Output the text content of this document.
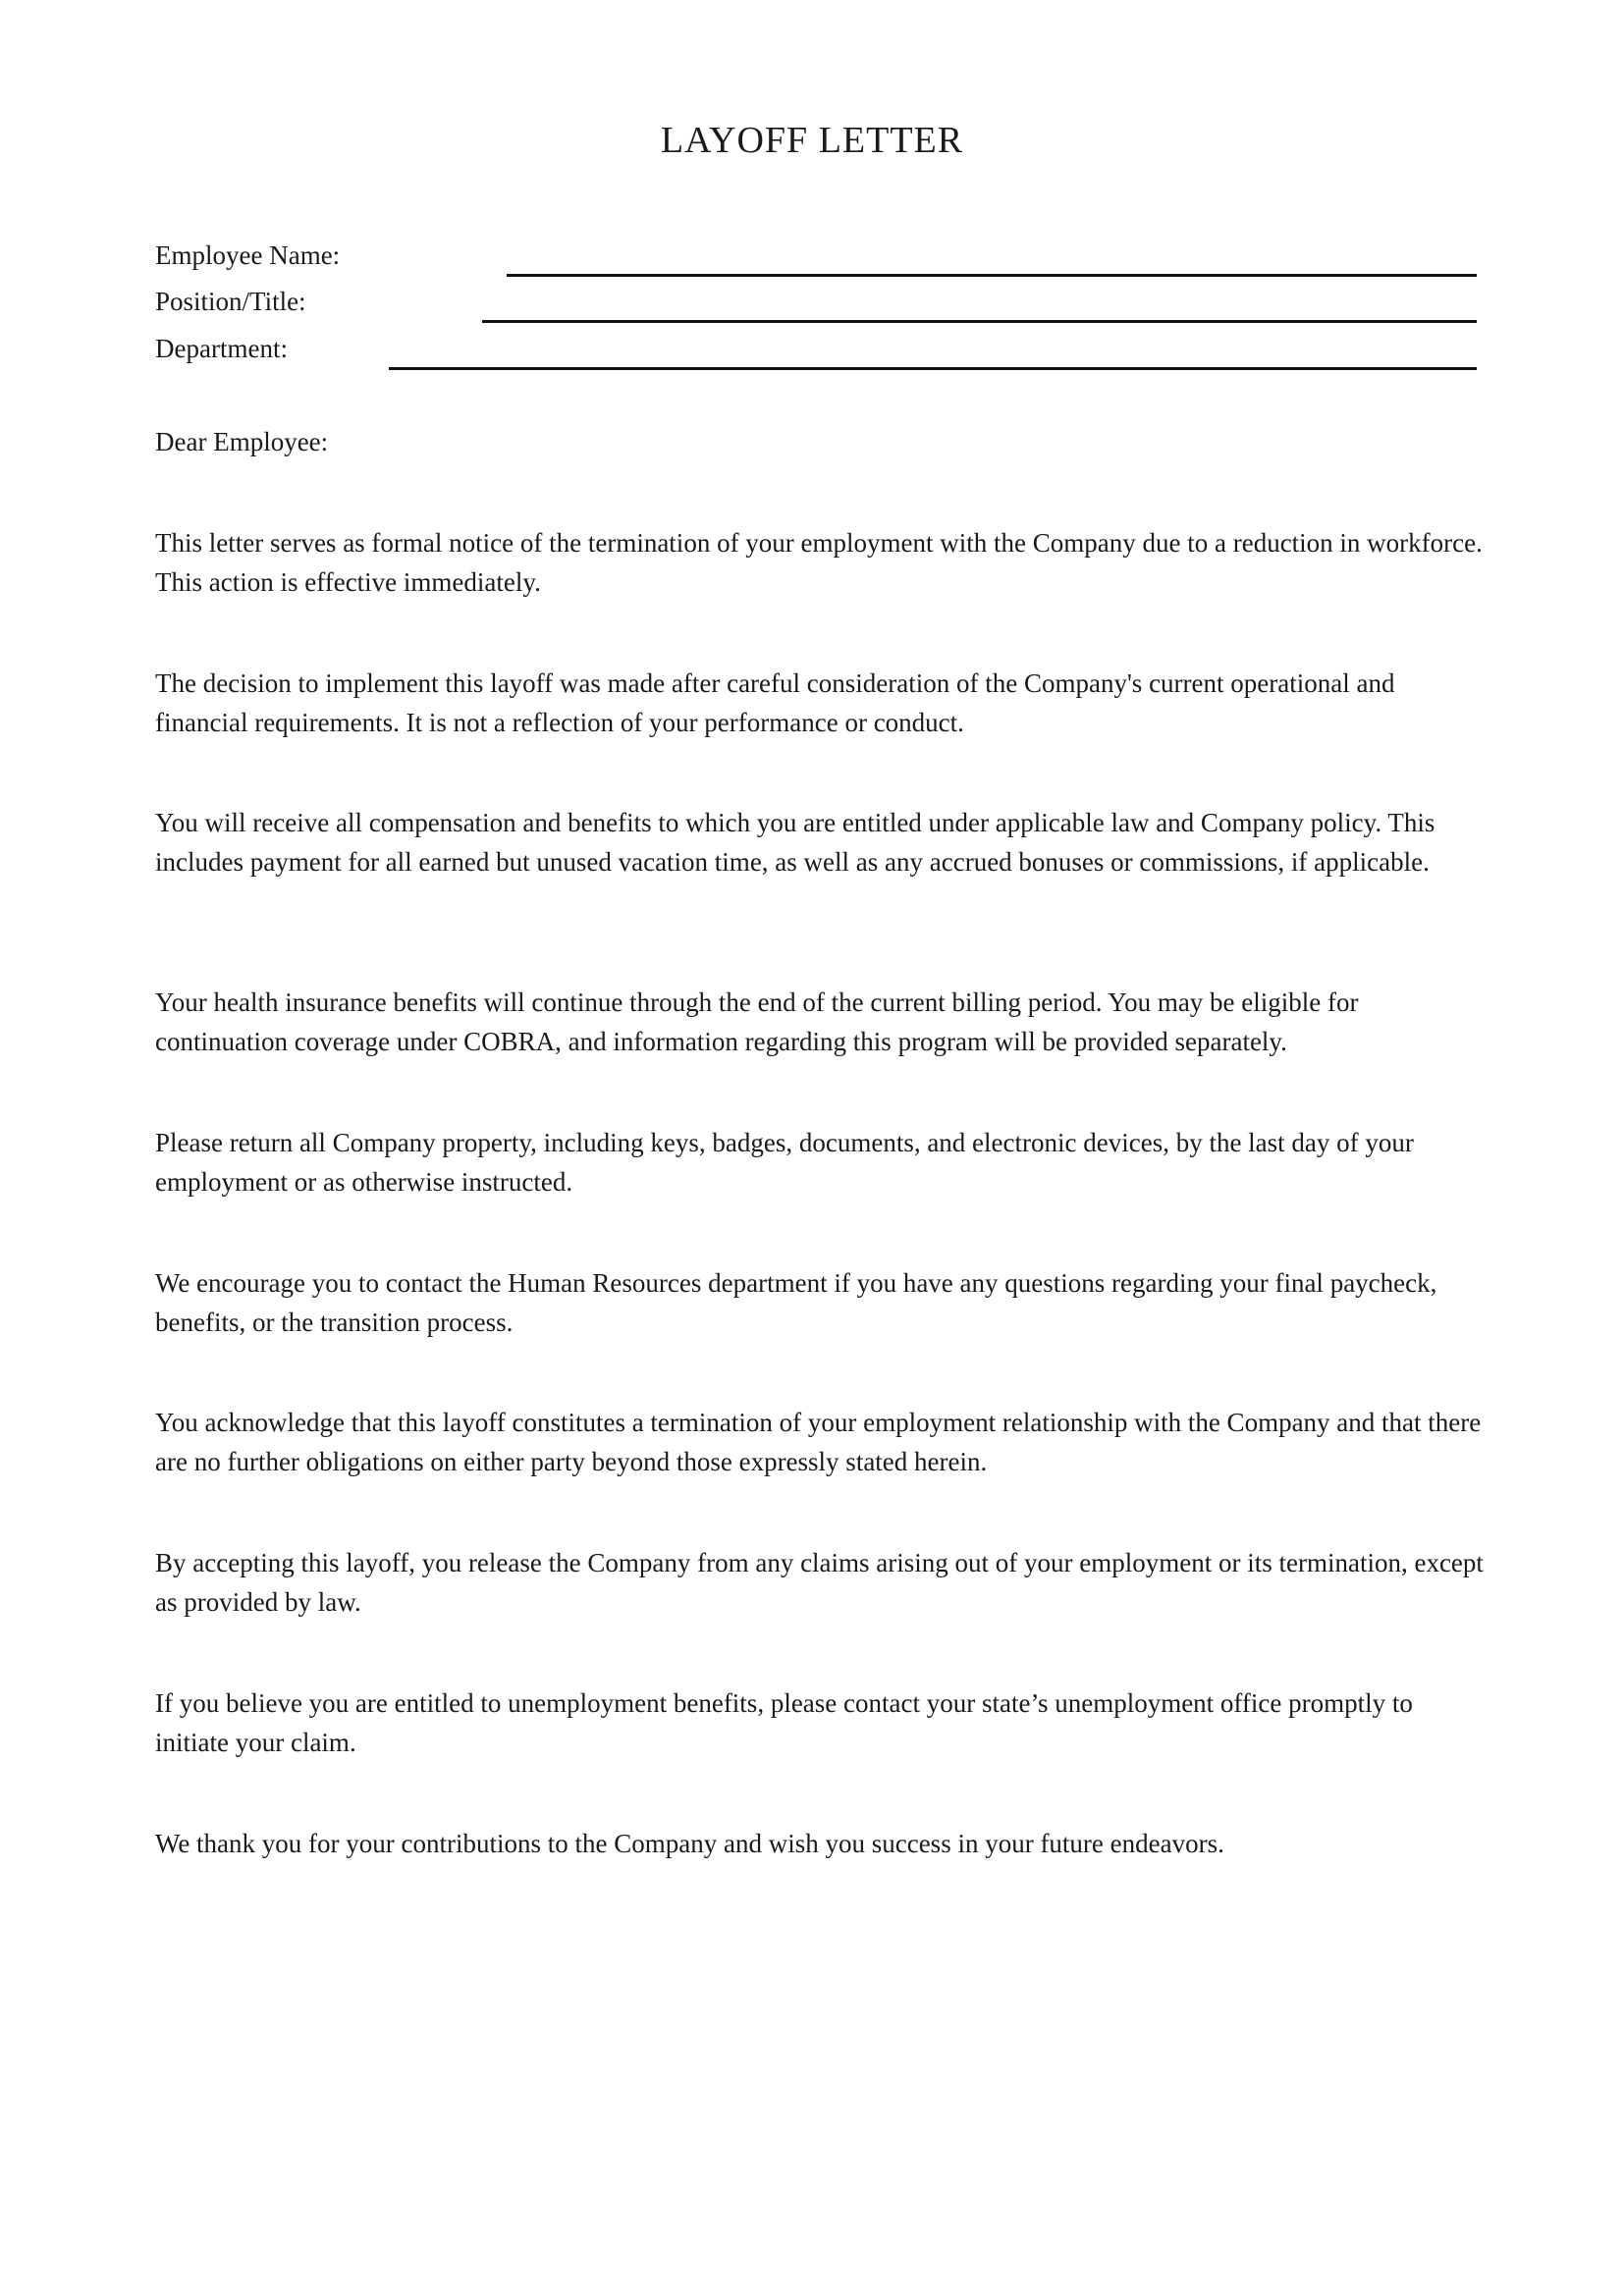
LAYOFF LETTER
Employee Name:
Position/Title:
Department:

Dear Employee:

This letter serves as formal notice of the termination of your employment with the Company due to a reduction in workforce. This action is effective immediately.

The decision to implement this layoff was made after careful consideration of the Company's current operational and financial requirements. It is not a reflection of your performance or conduct.

You will receive all compensation and benefits to which you are entitled under applicable law and Company policy. This includes payment for all earned but unused vacation time, as well as any accrued bonuses or commissions, if applicable.

Your health insurance benefits will continue through the end of the current billing period. You may be eligible for continuation coverage under COBRA, and information regarding this program will be provided separately.

Please return all Company property, including keys, badges, documents, and electronic devices, by the last day of your employment or as otherwise instructed.

We encourage you to contact the Human Resources department if you have any questions regarding your final paycheck, benefits, or the transition process.

You acknowledge that this layoff constitutes a termination of your employment relationship with the Company and that there are no further obligations on either party beyond those expressly stated herein.

By accepting this layoff, you release the Company from any claims arising out of your employment or its termination, except as provided by law.

If you believe you are entitled to unemployment benefits, please contact your state’s unemployment office promptly to initiate your claim.

We thank you for your contributions to the Company and wish you success in your future endeavors.
